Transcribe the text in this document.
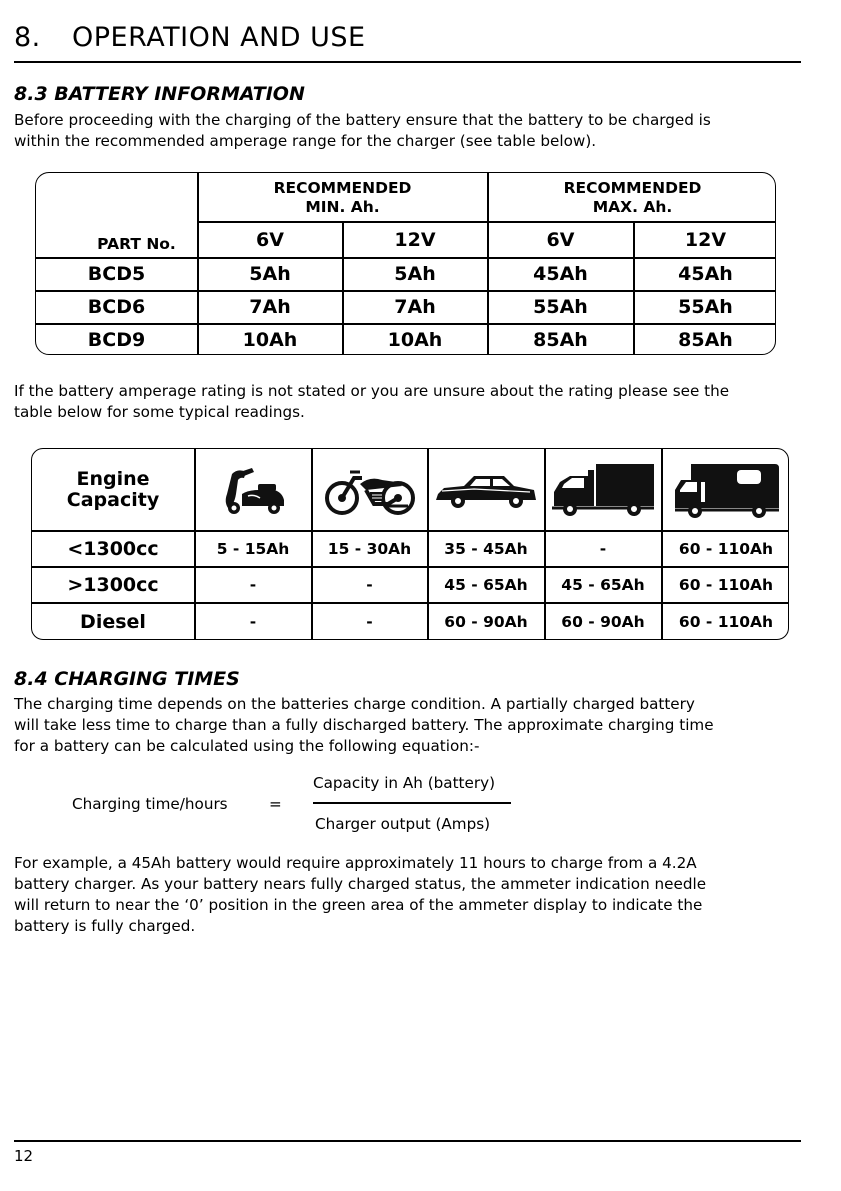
8. OPERATION AND USE
8.3 BATTERY INFORMATION

Before proceeding with the charging of the battery ensure that the battery to be charged is
within the recommended amperage range for the charger (see table below).

RECOMMENDED
MIN. Ah.
RECOMMENDED
MAX. Ah.
PART No.	6V	12V	6V	12V
BCD5	5Ah	5Ah	45Ah	45Ah
BCD6	7Ah	7Ah	55Ah	55Ah
BCD9	10Ah	10Ah	85Ah	85Ah

If the battery amperage rating is not stated or you are unsure about the rating please see the
table below for some typical readings.

Engine
Capacity
<1300cc	5 - 15Ah	15 - 30Ah	35 - 45Ah	-	60 - 110Ah
>1300cc	-	-	45 - 65Ah	45 - 65Ah	60 - 110Ah
Diesel	-	-	60 - 90Ah	60 - 90Ah	60 - 110Ah
8.4 CHARGING TIMES

The charging time depends on the batteries charge condition. A partially charged battery
will take less time to charge than a fully discharged battery. The approximate charging time
for a battery can be calculated using the following equation:-

Charging time/hours	=
Capacity in Ah (battery)
Charger output (Amps)

For example, a 45Ah battery would require approximately 11 hours to charge from a 4.2A
battery charger. As your battery nears fully charged status, the ammeter indication needle
will return to near the ‘0’ position in the green area of the ammeter display to indicate the
battery is fully charged.

12
